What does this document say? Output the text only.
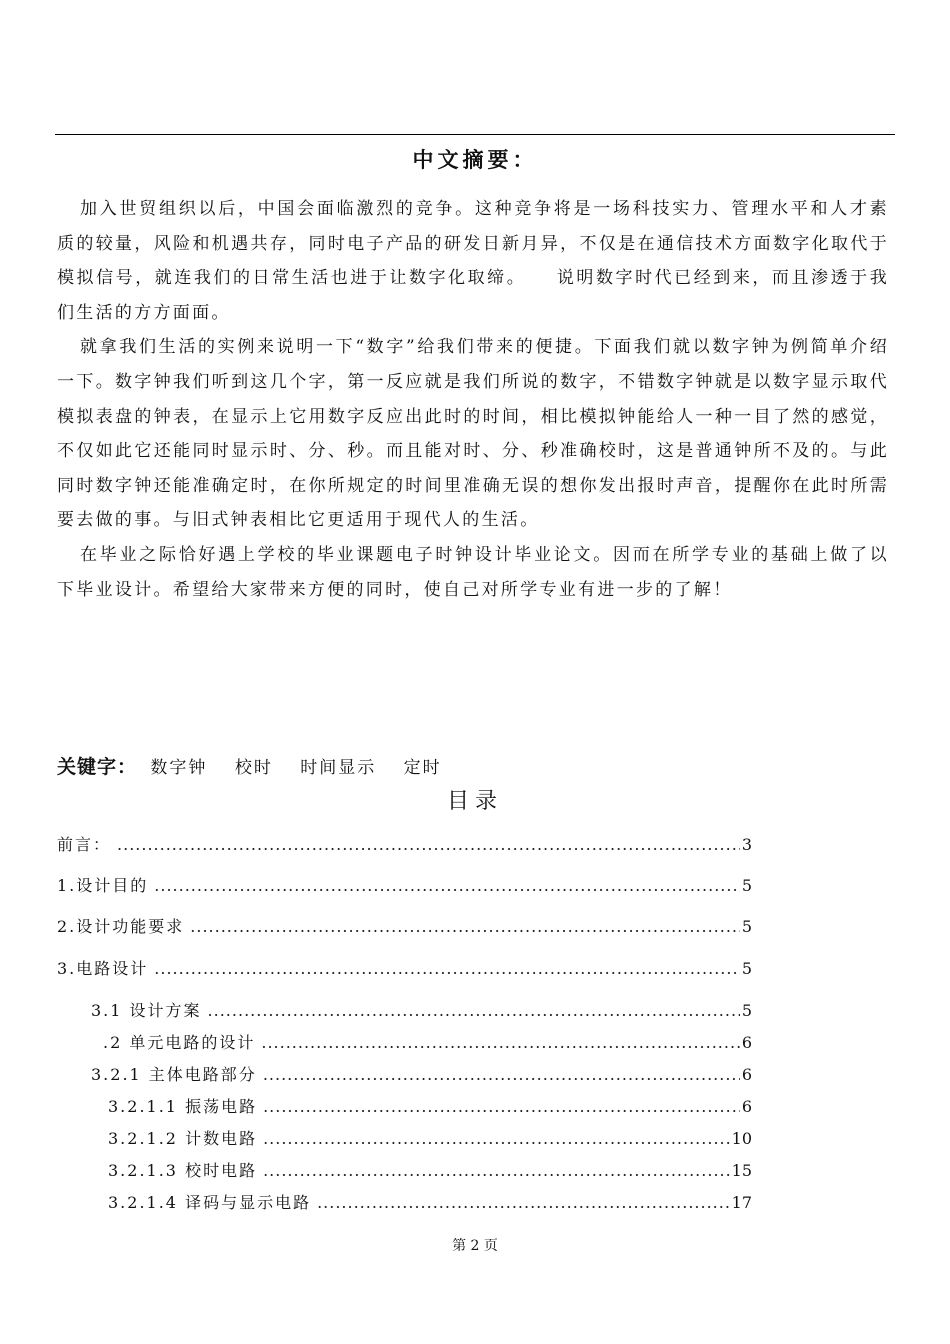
中文摘要：

加入世贸组织以后，中国会面临激烈的竞争。这种竞争将是一场科技实力、管理水平和人才素质的较量，风险和机遇共存，同时电子产品的研发日新月异，不仅是在通信技术方面数字化取代于模拟信号，就连我们的日常生活也进于让数字化取缔。　　说明数字时代已经到来，而且渗透于我们生活的方方面面。

就拿我们生活的实例来说明一下“数字”给我们带来的便捷。下面我们就以数字钟为例简单介绍一下。数字钟我们听到这几个字，第一反应就是我们所说的数字，不错数字钟就是以数字显示取代模拟表盘的钟表，在显示上它用数字反应出此时的时间，相比模拟钟能给人一种一目了然的感觉，不仅如此它还能同时显示时、分、秒。而且能对时、分、秒准确校时，这是普通钟所不及的。与此同时数字钟还能准确定时，在你所规定的时间里准确无误的想你发出报时声音，提醒你在此时所需要去做的事。与旧式钟表相比它更适用于现代人的生活。

在毕业之际恰好遇上学校的毕业课题电子时钟设计毕业论文。因而在所学专业的基础上做了以下毕业设计。希望给大家带来方便的同时，使自己对所学专业有进一步的了解！

关键字： 数字钟 校时 时间显示 定时
目录
前言： .....	3
1.设计目的 .....	5
2.设计功能要求 .....	5
3.电路设计 .....	5
3.1 设计方案 .....	5
.2 单元电路的设计 .....	6
3.2.1 主体电路部分 .....	6
3.2.1.1 振荡电路 .....	6
3.2.1.2 计数电路 .....	10
3.2.1.3 校时电路 .....	15
3.2.1.4 译码与显示电路 .....	17
第 2 页
